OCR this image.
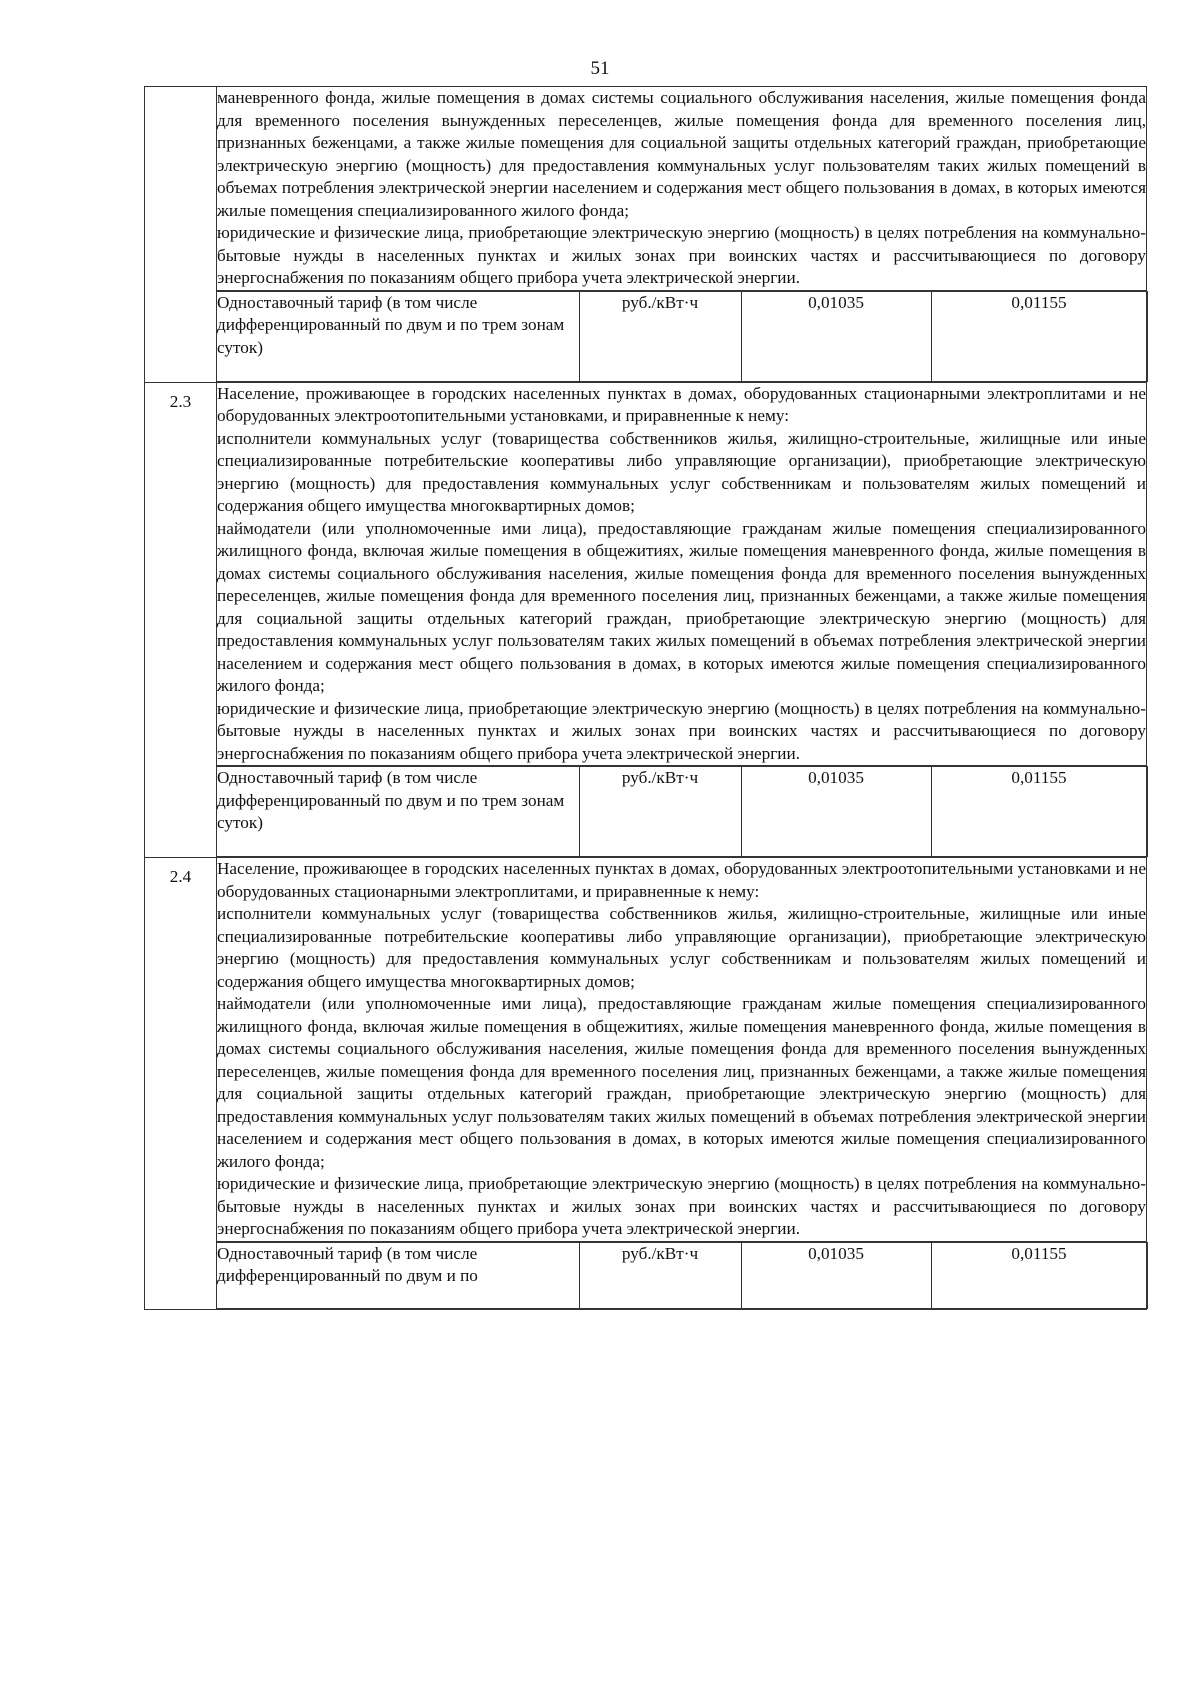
51

маневренного фонда, жилые помещения в домах системы социального обслуживания населения, жилые помещения фонда для временного поселения вынужденных переселенцев, жилые помещения фонда для временного поселения лиц, признанных беженцами, а также жилые помещения для социальной защиты отдельных категорий граждан, приобретающие электрическую энергию (мощность) для предоставления коммунальных услуг пользователям таких жилых помещений в объемах потребления электрической энергии населением и содержания мест общего пользования в домах, в которых имеются жилые помещения специализированного жилого фонда;

юридические и физические лица, приобретающие электрическую энергию (мощность) в целях потребления на коммунально-бытовые нужды в населенных пунктах и жилых зонах при воинских частях и рассчитывающиеся по договору энергоснабжения по показаниям общего прибора учета электрической энергии.

Одноставочный тариф (в том числе дифференцированный по двум и по трем зонам суток)	руб./кВт·ч	0,01035	0,01155

2.3	Население, проживающее в городских населенных пунктах в домах, оборудованных стационарными электроплитами и не оборудованных электроотопительными установками, и приравненные к нему:

исполнители коммунальных услуг (товарищества собственников жилья, жилищно-строительные, жилищные или иные специализированные потребительские кооперативы либо управляющие организации), приобретающие электрическую энергию (мощность) для предоставления коммунальных услуг собственникам и пользователям жилых помещений и содержания общего имущества многоквартирных домов;

наймодатели (или уполномоченные ими лица), предоставляющие гражданам жилые помещения специализированного жилищного фонда, включая жилые помещения в общежитиях, жилые помещения маневренного фонда, жилые помещения в домах системы социального обслуживания населения, жилые помещения фонда для временного поселения вынужденных переселенцев, жилые помещения фонда для временного поселения лиц, признанных беженцами, а также жилые помещения для социальной защиты отдельных категорий граждан, приобретающие электрическую энергию (мощность) для предоставления коммунальных услуг пользователям таких жилых помещений в объемах потребления электрической энергии населением и содержания мест общего пользования в домах, в которых имеются жилые помещения специализированного жилого фонда;

юридические и физические лица, приобретающие электрическую энергию (мощность) в целях потребления на коммунально-бытовые нужды в населенных пунктах и жилых зонах при воинских частях и рассчитывающиеся по договору энергоснабжения по показаниям общего прибора учета электрической энергии.

Одноставочный тариф (в том числе дифференцированный по двум и по трем зонам суток)	руб./кВт·ч	0,01035	0,01155

2.4	Население, проживающее в городских населенных пунктах в домах, оборудованных электроотопительными установками и не оборудованных стационарными электроплитами, и приравненные к нему:

исполнители коммунальных услуг (товарищества собственников жилья, жилищно-строительные, жилищные или иные специализированные потребительские кооперативы либо управляющие организации), приобретающие электрическую энергию (мощность) для предоставления коммунальных услуг собственникам и пользователям жилых помещений и содержания общего имущества многоквартирных домов;

наймодатели (или уполномоченные ими лица), предоставляющие гражданам жилые помещения специализированного жилищного фонда, включая жилые помещения в общежитиях, жилые помещения маневренного фонда, жилые помещения в домах системы социального обслуживания населения, жилые помещения фонда для временного поселения вынужденных переселенцев, жилые помещения фонда для временного поселения лиц, признанных беженцами, а также жилые помещения для социальной защиты отдельных категорий граждан, приобретающие электрическую энергию (мощность) для предоставления коммунальных услуг пользователям таких жилых помещений в объемах потребления электрической энергии населением и содержания мест общего пользования в домах, в которых имеются жилые помещения специализированного жилого фонда;

юридические и физические лица, приобретающие электрическую энергию (мощность) в целях потребления на коммунально-бытовые нужды в населенных пунктах и жилых зонах при воинских частях и рассчитывающиеся по договору энергоснабжения по показаниям общего прибора учета электрической энергии.

Одноставочный тариф (в том числе дифференцированный по двум и по	руб./кВт·ч	0,01035	0,01155
